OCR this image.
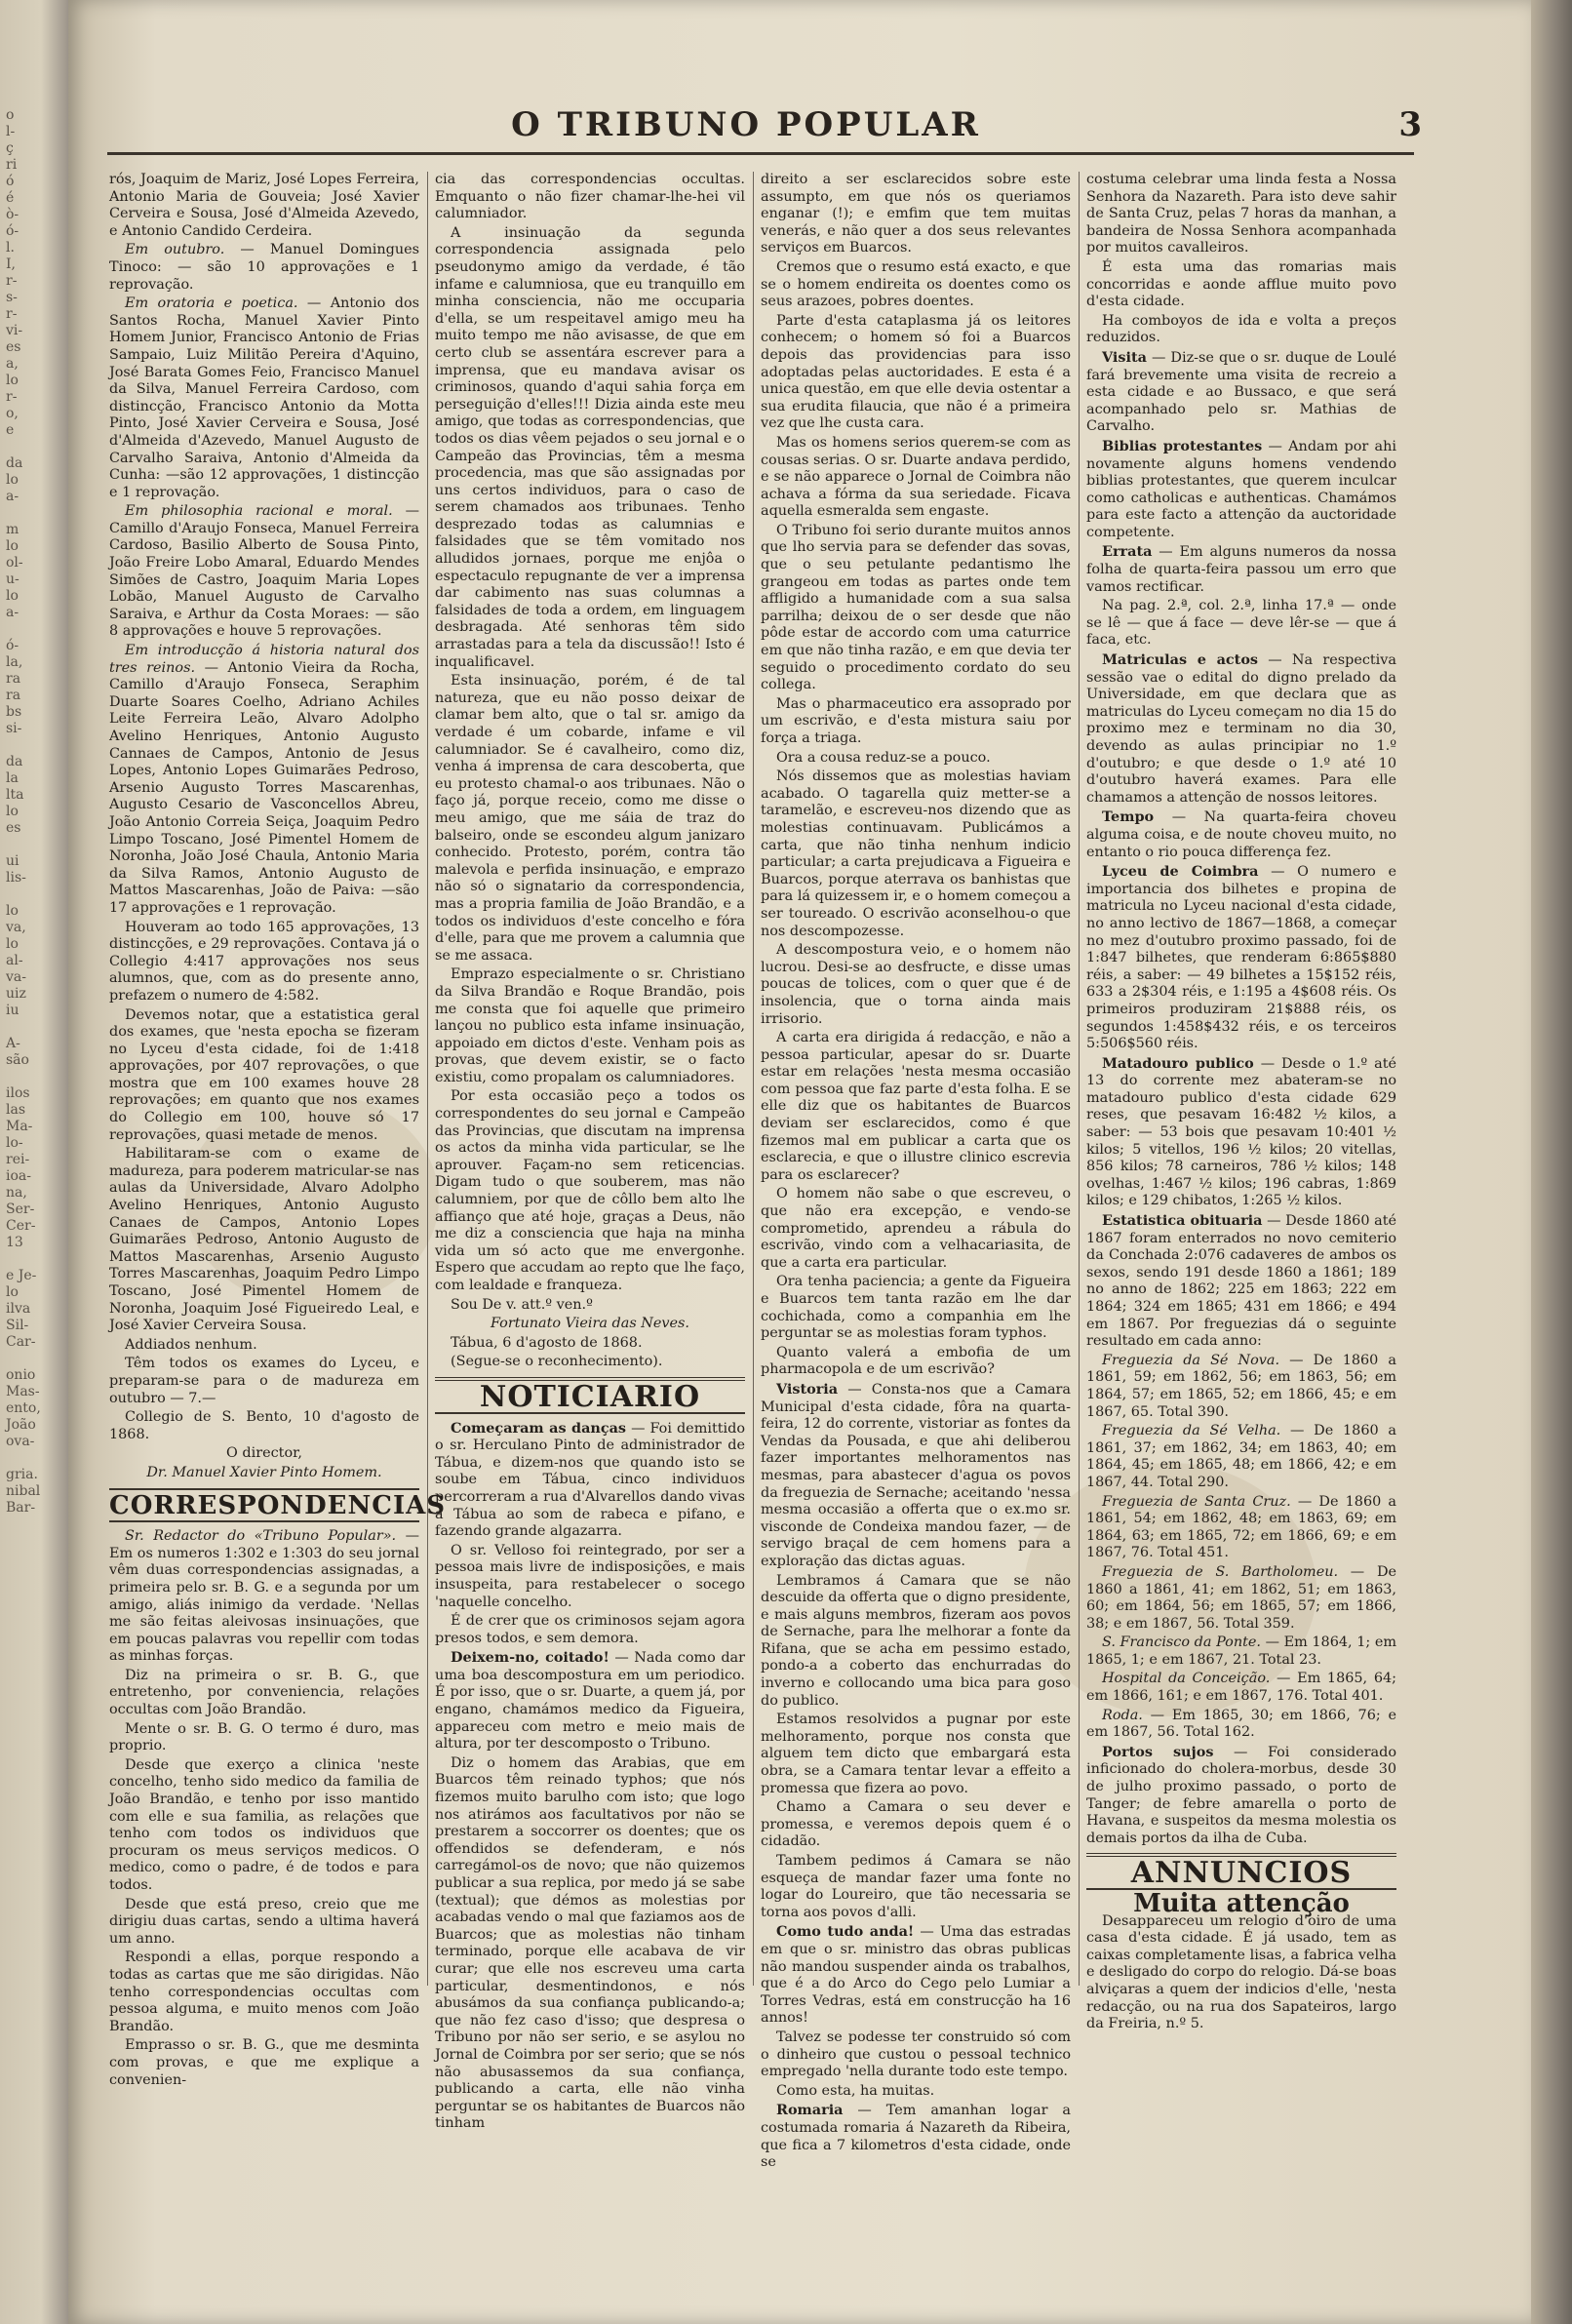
o
l-
ç
ri
ó
é
ò-
ó-
l.
I,
r-
s-
r-
vi-
es
a,
lo
r-
o,
e

da
lo
a-

m
lo
ol-
u-
lo
a-

ó-
la,
ra
ra
bs
si-

da
la
lta
lo
es

ui
lis-

lo
va,
lo
al-
va-
uiz
iu

A-
são

ilos
las
Ma-
lo-
rei-
ioa-
na,
Ser-
Cer-
13

e Je-
lo
ilva
Sil-
Car-

onio
Mas-
ento,
João
ova-

gria.
nibal
Bar-
O TRIBUNO POPULAR	3

rós, Joaquim de Mariz, José Lopes Ferreira, Antonio Maria de Gouveia; José Xavier Cerveira e Sousa, José d'Almeida Azevedo, e Antonio Candido Cerdeira.

Em outubro. — Manuel Domingues Tinoco: — são 10 approvações e 1 reprovação.

Em oratoria e poetica. — Antonio dos Santos Rocha, Manuel Xavier Pinto Homem Junior, Francisco Antonio de Frias Sampaio, Luiz Militão Pereira d'Aquino, José Barata Gomes Feio, Francisco Manuel da Silva, Manuel Ferreira Cardoso, com distincção, Francisco Antonio da Motta Pinto, José Xavier Cerveira e Sousa, José d'Almeida d'Azevedo, Manuel Augusto de Carvalho Saraiva, Antonio d'Almeida da Cunha: —são 12 approvações, 1 distincção e 1 reprovação.

Em philosophia racional e moral. — Camillo d'Araujo Fonseca, Manuel Ferreira Cardoso, Basilio Alberto de Sousa Pinto, João Freire Lobo Amaral, Eduardo Mendes Simões de Castro, Joaquim Maria Lopes Lobão, Manuel Augusto de Carvalho Saraiva, e Arthur da Costa Moraes: — são 8 approvações e houve 5 reprovações.

Em introducção á historia natural dos tres reinos. — Antonio Vieira da Rocha, Camillo d'Araujo Fonseca, Seraphim Duarte Soares Coelho, Adriano Achiles Leite Ferreira Leão, Alvaro Adolpho Avelino Henriques, Antonio Augusto Cannaes de Campos, Antonio de Jesus Lopes, Antonio Lopes Guimarães Pedroso, Arsenio Augusto Torres Mascarenhas, Augusto Cesario de Vasconcellos Abreu, João Antonio Correia Seiça, Joaquim Pedro Limpo Toscano, José Pimentel Homem de Noronha, João José Chaula, Antonio Maria da Silva Ramos, Antonio Augusto de Mattos Mascarenhas, João de Paiva: —são 17 approvações e 1 reprovação.

Houveram ao todo 165 approvações, 13 distincções, e 29 reprovações. Contava já o Collegio 4:417 approvações nos seus alumnos, que, com as do presente anno, prefazem o numero de 4:582.

Devemos notar, que a estatistica geral dos exames, que 'nesta epocha se fizeram no Lyceu d'esta cidade, foi de 1:418 approvações, por 407 reprovações, o que mostra que em 100 exames houve 28 reprovações; em quanto que nos exames do Collegio em 100, houve só 17 reprovações, quasi metade de menos.

Habilitaram-se com o exame de madureza, para poderem matricular-se nas aulas da Universidade, Alvaro Adolpho Avelino Henriques, Antonio Augusto Canaes de Campos, Antonio Lopes Guimarães Pedroso, Antonio Augusto de Mattos Mascarenhas, Arsenio Augusto Torres Mascarenhas, Joaquim Pedro Limpo Toscano, José Pimentel Homem de Noronha, Joaquim José Figueiredo Leal, e José Xavier Cerveira Sousa.

Addiados nenhum.

Têm todos os exames do Lyceu, e preparam-se para o de madureza em outubro — 7.—

Collegio de S. Bento, 10 d'agosto de 1868.

O director,
Dr. Manuel Xavier Pinto Homem.
CORRESPONDENCIAS

Sr. Redactor do «Tribuno Popular». — Em os numeros 1:302 e 1:303 do seu jornal vêm duas correspondencias assignadas, a primeira pelo sr. B. G. e a segunda por um amigo, aliás inimigo da verdade. 'Nellas me são feitas aleivosas insinuações, que em poucas palavras vou repellir com todas as minhas forças.

Diz na primeira o sr. B. G., que entretenho, por conveniencia, relações occultas com João Brandão.

Mente o sr. B. G. O termo é duro, mas proprio.

Desde que exerço a clinica 'neste concelho, tenho sido medico da familia de João Brandão, e tenho por isso mantido com elle e sua familia, as relações que tenho com todos os individuos que procuram os meus serviços medicos. O medico, como o padre, é de todos e para todos.

Desde que está preso, creio que me dirigiu duas cartas, sendo a ultima haverá um anno.

Respondi a ellas, porque respondo a todas as cartas que me são dirigidas. Não tenho correspondencias occultas com pessoa alguma, e muito menos com João Brandão.

Emprasso o sr. B. G., que me desminta com provas, e que me explique a convenien-

cia das correspondencias occultas. Emquanto o não fizer chamar-lhe-hei vil calumniador.

A insinuação da segunda correspondencia assignada pelo pseudonymo amigo da verdade, é tão infame e calumniosa, que eu tranquillo em minha consciencia, não me occuparia d'ella, se um respeitavel amigo meu ha muito tempo me não avisasse, de que em certo club se assentára escrever para a imprensa, que eu mandava avisar os criminosos, quando d'aqui sahia força em perseguição d'elles!!! Dizia ainda este meu amigo, que todas as correspondencias, que todos os dias vêem pejados o seu jornal e o Campeão das Provincias, têm a mesma procedencia, mas que são assignadas por uns certos individuos, para o caso de serem chamados aos tribunaes. Tenho desprezado todas as calumnias e falsidades que se têm vomitado nos alludidos jornaes, porque me enjôa o espectaculo repugnante de ver a imprensa dar cabimento nas suas columnas a falsidades de toda a ordem, em linguagem desbragada. Até senhoras têm sido arrastadas para a tela da discussão!! Isto é inqualificavel.

Esta insinuação, porém, é de tal natureza, que eu não posso deixar de clamar bem alto, que o tal sr. amigo da verdade é um cobarde, infame e vil calumniador. Se é cavalheiro, como diz, venha á imprensa de cara descoberta, que eu protesto chamal-o aos tribunaes. Não o faço já, porque receio, como me disse o meu amigo, que me sáia de traz do balseiro, onde se escondeu algum janizaro conhecido. Protesto, porém, contra tão malevola e perfida insinuação, e emprazo não só o signatario da correspondencia, mas a propria familia de João Brandão, e a todos os individuos d'este concelho e fóra d'elle, para que me provem a calumnia que se me assaca.

Emprazo especialmente o sr. Christiano da Silva Brandão e Roque Brandão, pois me consta que foi aquelle que primeiro lançou no publico esta infame insinuação, appoiado em dictos d'este. Venham pois as provas, que devem existir, se o facto existiu, como propalam os calumniadores.

Por esta occasião peço a todos os correspondentes do seu jornal e Campeão das Provincias, que discutam na imprensa os actos da minha vida particular, se lhe aprouver. Façam-no sem reticencias. Digam tudo o que souberem, mas não calumniem, por que de côllo bem alto lhe affianço que até hoje, graças a Deus, não me diz a consciencia que haja na minha vida um só acto que me envergonhe. Espero que accudam ao repto que lhe faço, com lealdade e franqueza.

Sou De v. att.º ven.º

Fortunato Vieira das Neves.

Tábua, 6 d'agosto de 1868.

(Segue-se o reconhecimento).

NOTICIARIO

Começaram as danças — Foi demittido o sr. Herculano Pinto de administrador de Tábua, e dizem-nos que quando isto se soube em Tábua, cinco individuos percorreram a rua d'Alvarellos dando vivas a Tábua ao som de rabeca e pifano, e fazendo grande algazarra.

O sr. Velloso foi reintegrado, por ser a pessoa mais livre de indisposições, e mais insuspeita, para restabelecer o socego 'naquelle concelho.

É de crer que os criminosos sejam agora presos todos, e sem demora.

Deixem-no, coitado! — Nada como dar uma boa descompostura em um periodico. É por isso, que o sr. Duarte, a quem já, por engano, chamámos medico da Figueira, appareceu com metro e meio mais de altura, por ter descomposto o Tribuno.

Diz o homem das Arabias, que em Buarcos têm reinado typhos; que nós fizemos muito barulho com isto; que logo nos atirámos aos facultativos por não se prestarem a soccorrer os doentes; que os offendidos se defenderam, e nós carregámol-os de novo; que não quizemos publicar a sua replica, por medo já se sabe (textual); que démos as molestias por acabadas vendo o mal que faziamos aos de Buarcos; que as molestias não tinham terminado, porque elle acabava de vir curar; que elle nos escreveu uma carta particular, desmentindonos, e nós abusámos da sua confiança publicando-a; que não fez caso d'isso; que despresa o Tribuno por não ser serio, e se asylou no Jornal de Coimbra por ser serio; que se nós não abusassemos da sua confiança, publicando a carta, elle não vinha perguntar se os habitantes de Buarcos não tinham

direito a ser esclarecidos sobre este assumpto, em que nós os queriamos enganar (!); e emfim que tem muitas venerás, e não quer a dos seus relevantes serviços em Buarcos.

Cremos que o resumo está exacto, e que se o homem endireita os doentes como os seus arazoes, pobres doentes.

Parte d'esta cataplasma já os leitores conhecem; o homem só foi a Buarcos depois das providencias para isso adoptadas pelas auctoridades. E esta é a unica questão, em que elle devia ostentar a sua erudita filaucia, que não é a primeira vez que lhe custa cara.

Mas os homens serios querem-se com as cousas serias. O sr. Duarte andava perdido, e se não apparece o Jornal de Coimbra não achava a fórma da sua seriedade. Ficava aquella esmeralda sem engaste.

O Tribuno foi serio durante muitos annos que lho servia para se defender das sovas, que o seu petulante pedantismo lhe grangeou em todas as partes onde tem affligido a humanidade com a sua salsa parrilha; deixou de o ser desde que não pôde estar de accordo com uma caturrice em que não tinha razão, e em que devia ter seguido o procedimento cordato do seu collega.

Mas o pharmaceutico era assoprado por um escrivão, e d'esta mistura saiu por força a triaga.

Ora a cousa reduz-se a pouco.

Nós dissemos que as molestias haviam acabado. O tagarella quiz metter-se a taramelão, e escreveu-nos dizendo que as molestias continuavam. Publicámos a carta, que não tinha nenhum indicio particular; a carta prejudicava a Figueira e Buarcos, porque aterrava os banhistas que para lá quizessem ir, e o homem começou a ser toureado. O escrivão aconselhou-o que nos descompozesse.

A descompostura veio, e o homem não lucrou. Desi-se ao desfructe, e disse umas poucas de tolices, com o quer que é de insolencia, que o torna ainda mais irrisorio.

A carta era dirigida á redacção, e não a pessoa particular, apesar do sr. Duarte estar em relações 'nesta mesma occasião com pessoa que faz parte d'esta folha. E se elle diz que os habitantes de Buarcos deviam ser esclarecidos, como é que fizemos mal em publicar a carta que os esclarecia, e que o illustre clinico escrevia para os esclarecer?

O homem não sabe o que escreveu, o que não era excepção, e vendo-se comprometido, aprendeu a rábula do escrivão, vindo com a velhacariasita, de que a carta era particular.

Ora tenha paciencia; a gente da Figueira e Buarcos tem tanta razão em lhe dar cochichada, como a companhia em lhe perguntar se as molestias foram typhos.

Quanto valerá a embofia de um pharmacopola e de um escrivão?

Vistoria — Consta-nos que a Camara Municipal d'esta cidade, fôra na quarta-feira, 12 do corrente, vistoriar as fontes da Vendas da Pousada, e que ahi deliberou fazer importantes melhoramentos nas mesmas, para abastecer d'agua os povos da freguezia de Sernache; aceitando 'nessa mesma occasião a offerta que o ex.mo sr. visconde de Condeixa mandou fazer, — de servigo braçal de cem homens para a exploração das dictas aguas.

Lembramos á Camara que se não descuide da offerta que o digno presidente, e mais alguns membros, fizeram aos povos de Sernache, para lhe melhorar a fonte da Rifana, que se acha em pessimo estado, pondo-a a coberto das enchurradas do inverno e collocando uma bica para goso do publico.

Estamos resolvidos a pugnar por este melhoramento, porque nos consta que alguem tem dicto que embargará esta obra, se a Camara tentar levar a effeito a promessa que fizera ao povo.

Chamo a Camara o seu dever e promessa, e veremos depois quem é o cidadão.

Tambem pedimos á Camara se não esqueça de mandar fazer uma fonte no logar do Loureiro, que tão necessaria se torna aos povos d'alli.

Como tudo anda! — Uma das estradas em que o sr. ministro das obras publicas não mandou suspender ainda os trabalhos, que é a do Arco do Cego pelo Lumiar a Torres Vedras, está em construcção ha 16 annos!

Talvez se podesse ter construido só com o dinheiro que custou o pessoal technico empregado 'nella durante todo este tempo.

Como esta, ha muitas.

Romaria — Tem amanhan logar a costumada romaria á Nazareth da Ribeira, que fica a 7 kilometros d'esta cidade, onde se

costuma celebrar uma linda festa a Nossa Senhora da Nazareth. Para isto deve sahir de Santa Cruz, pelas 7 horas da manhan, a bandeira de Nossa Senhora acompanhada por muitos cavalleiros.

É esta uma das romarias mais concorridas e aonde afflue muito povo d'esta cidade.

Ha comboyos de ida e volta a preços reduzidos.

Visita — Diz-se que o sr. duque de Loulé fará brevemente uma visita de recreio a esta cidade e ao Bussaco, e que será acompanhado pelo sr. Mathias de Carvalho.

Biblias protestantes — Andam por ahi novamente alguns homens vendendo biblias protestantes, que querem inculcar como catholicas e authenticas. Chamámos para este facto a attenção da auctoridade competente.

Errata — Em alguns numeros da nossa folha de quarta-feira passou um erro que vamos rectificar.

Na pag. 2.ª, col. 2.ª, linha 17.ª — onde se lê — que á face — deve lêr-se — que á faca, etc.

Matriculas e actos — Na respectiva sessão vae o edital do digno prelado da Universidade, em que declara que as matriculas do Lyceu começam no dia 15 do proximo mez e terminam no dia 30, devendo as aulas principiar no 1.º d'outubro; e que desde o 1.º até 10 d'outubro haverá exames. Para elle chamamos a attenção de nossos leitores.

Tempo — Na quarta-feira choveu alguma coisa, e de noute choveu muito, no entanto o rio pouca differença fez.

Lyceu de Coimbra — O numero e importancia dos bilhetes e propina de matricula no Lyceu nacional d'esta cidade, no anno lectivo de 1867—1868, a começar no mez d'outubro proximo passado, foi de 1:847 bilhetes, que renderam 6:865$880 réis, a saber: — 49 bilhetes a 15$152 réis, 633 a 2$304 réis, e 1:195 a 4$608 réis. Os primeiros produziram 21$888 réis, os segundos 1:458$432 réis, e os terceiros 5:506$560 réis.

Matadouro publico — Desde o 1.º até 13 do corrente mez abateram-se no matadouro publico d'esta cidade 629 reses, que pesavam 16:482 ½ kilos, a saber: — 53 bois que pesavam 10:401 ½ kilos; 5 vitellos, 196 ½ kilos; 20 vitellas, 856 kilos; 78 carneiros, 786 ½ kilos; 148 ovelhas, 1:467 ½ kilos; 196 cabras, 1:869 kilos; e 129 chibatos, 1:265 ½ kilos.

Estatistica obituaria — Desde 1860 até 1867 foram enterrados no novo cemiterio da Conchada 2:076 cadaveres de ambos os sexos, sendo 191 desde 1860 a 1861; 189 no anno de 1862; 225 em 1863; 222 em 1864; 324 em 1865; 431 em 1866; e 494 em 1867. Por freguezias dá o seguinte resultado em cada anno:

Freguezia da Sé Nova. — De 1860 a 1861, 59; em 1862, 56; em 1863, 56; em 1864, 57; em 1865, 52; em 1866, 45; e em 1867, 65. Total 390.

Freguezia da Sé Velha. — De 1860 a 1861, 37; em 1862, 34; em 1863, 40; em 1864, 45; em 1865, 48; em 1866, 42; e em 1867, 44. Total 290.

Freguezia de Santa Cruz. — De 1860 a 1861, 54; em 1862, 48; em 1863, 69; em 1864, 63; em 1865, 72; em 1866, 69; e em 1867, 76. Total 451.

Freguezia de S. Bartholomeu. — De 1860 a 1861, 41; em 1862, 51; em 1863, 60; em 1864, 56; em 1865, 57; em 1866, 38; e em 1867, 56. Total 359.

S. Francisco da Ponte. — Em 1864, 1; em 1865, 1; e em 1867, 21. Total 23.

Hospital da Conceição. — Em 1865, 64; em 1866, 161; e em 1867, 176. Total 401.

Roda. — Em 1865, 30; em 1866, 76; e em 1867, 56. Total 162.

Portos sujos — Foi considerado inficionado do cholera-morbus, desde 30 de julho proximo passado, o porto de Tanger; de febre amarella o porto de Havana, e suspeitos da mesma molestia os demais portos da ilha de Cuba.

ANNUNCIOS
Muita attenção

Desappareceu um relogio d'oiro de uma casa d'esta cidade. É já usado, tem as caixas completamente lisas, a fabrica velha e desligado do corpo do relogio. Dá-se boas alviçaras a quem der indicios d'elle, 'nesta redacção, ou na rua dos Sapateiros, largo da Freiria, n.º 5.
